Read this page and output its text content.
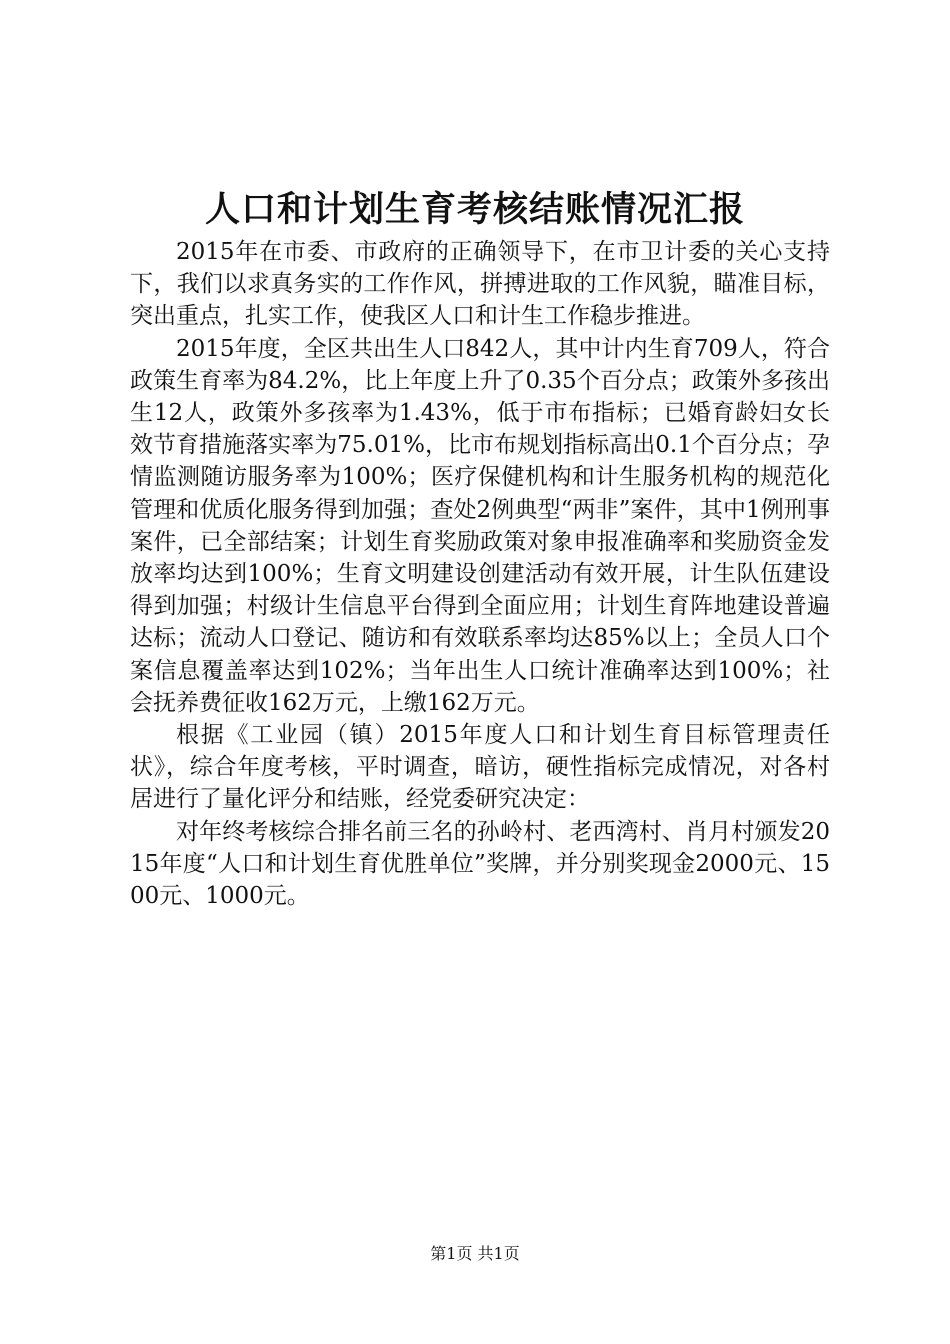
人口和计划生育考核结账情况汇报

2015年在市委、市政府的正确领导下，在市卫计委的关心支持下，我们以求真务实的工作作风，拼搏进取的工作风貌，瞄准目标，突出重点，扎实工作，使我区人口和计生工作稳步推进。

2015年度，全区共出生人口842人，其中计内生育709人，符合政策生育率为84.2%，比上年度上升了0.35个百分点；政策外多孩出生12人，政策外多孩率为1.43%，低于市布指标；已婚育龄妇女长效节育措施落实率为75.01%，比市布规划指标高出0.1个百分点；孕情监测随访服务率为100%；医疗保健机构和计生服务机构的规范化管理和优质化服务得到加强；查处2例典型“两非”案件，其中1例刑事案件，已全部结案；计划生育奖励政策对象申报准确率和奖励资金发放率均达到100%；生育文明建设创建活动有效开展，计生队伍建设得到加强；村级计生信息平台得到全面应用；计划生育阵地建设普遍达标；流动人口登记、随访和有效联系率均达85%以上；全员人口个案信息覆盖率达到102%；当年出生人口统计准确率达到100%；社会抚养费征收162万元，上缴162万元。

根据《工业园（镇）2015年度人口和计划生育目标管理责任状》，综合年度考核，平时调查，暗访，硬性指标完成情况，对各村居进行了量化评分和结账，经党委研究决定：

对年终考核综合排名前三名的孙岭村、老西湾村、肖月村颁发2015年度“人口和计划生育优胜单位”奖牌，并分别奖现金2000元、1500元、1000元。

第1页 共1页
